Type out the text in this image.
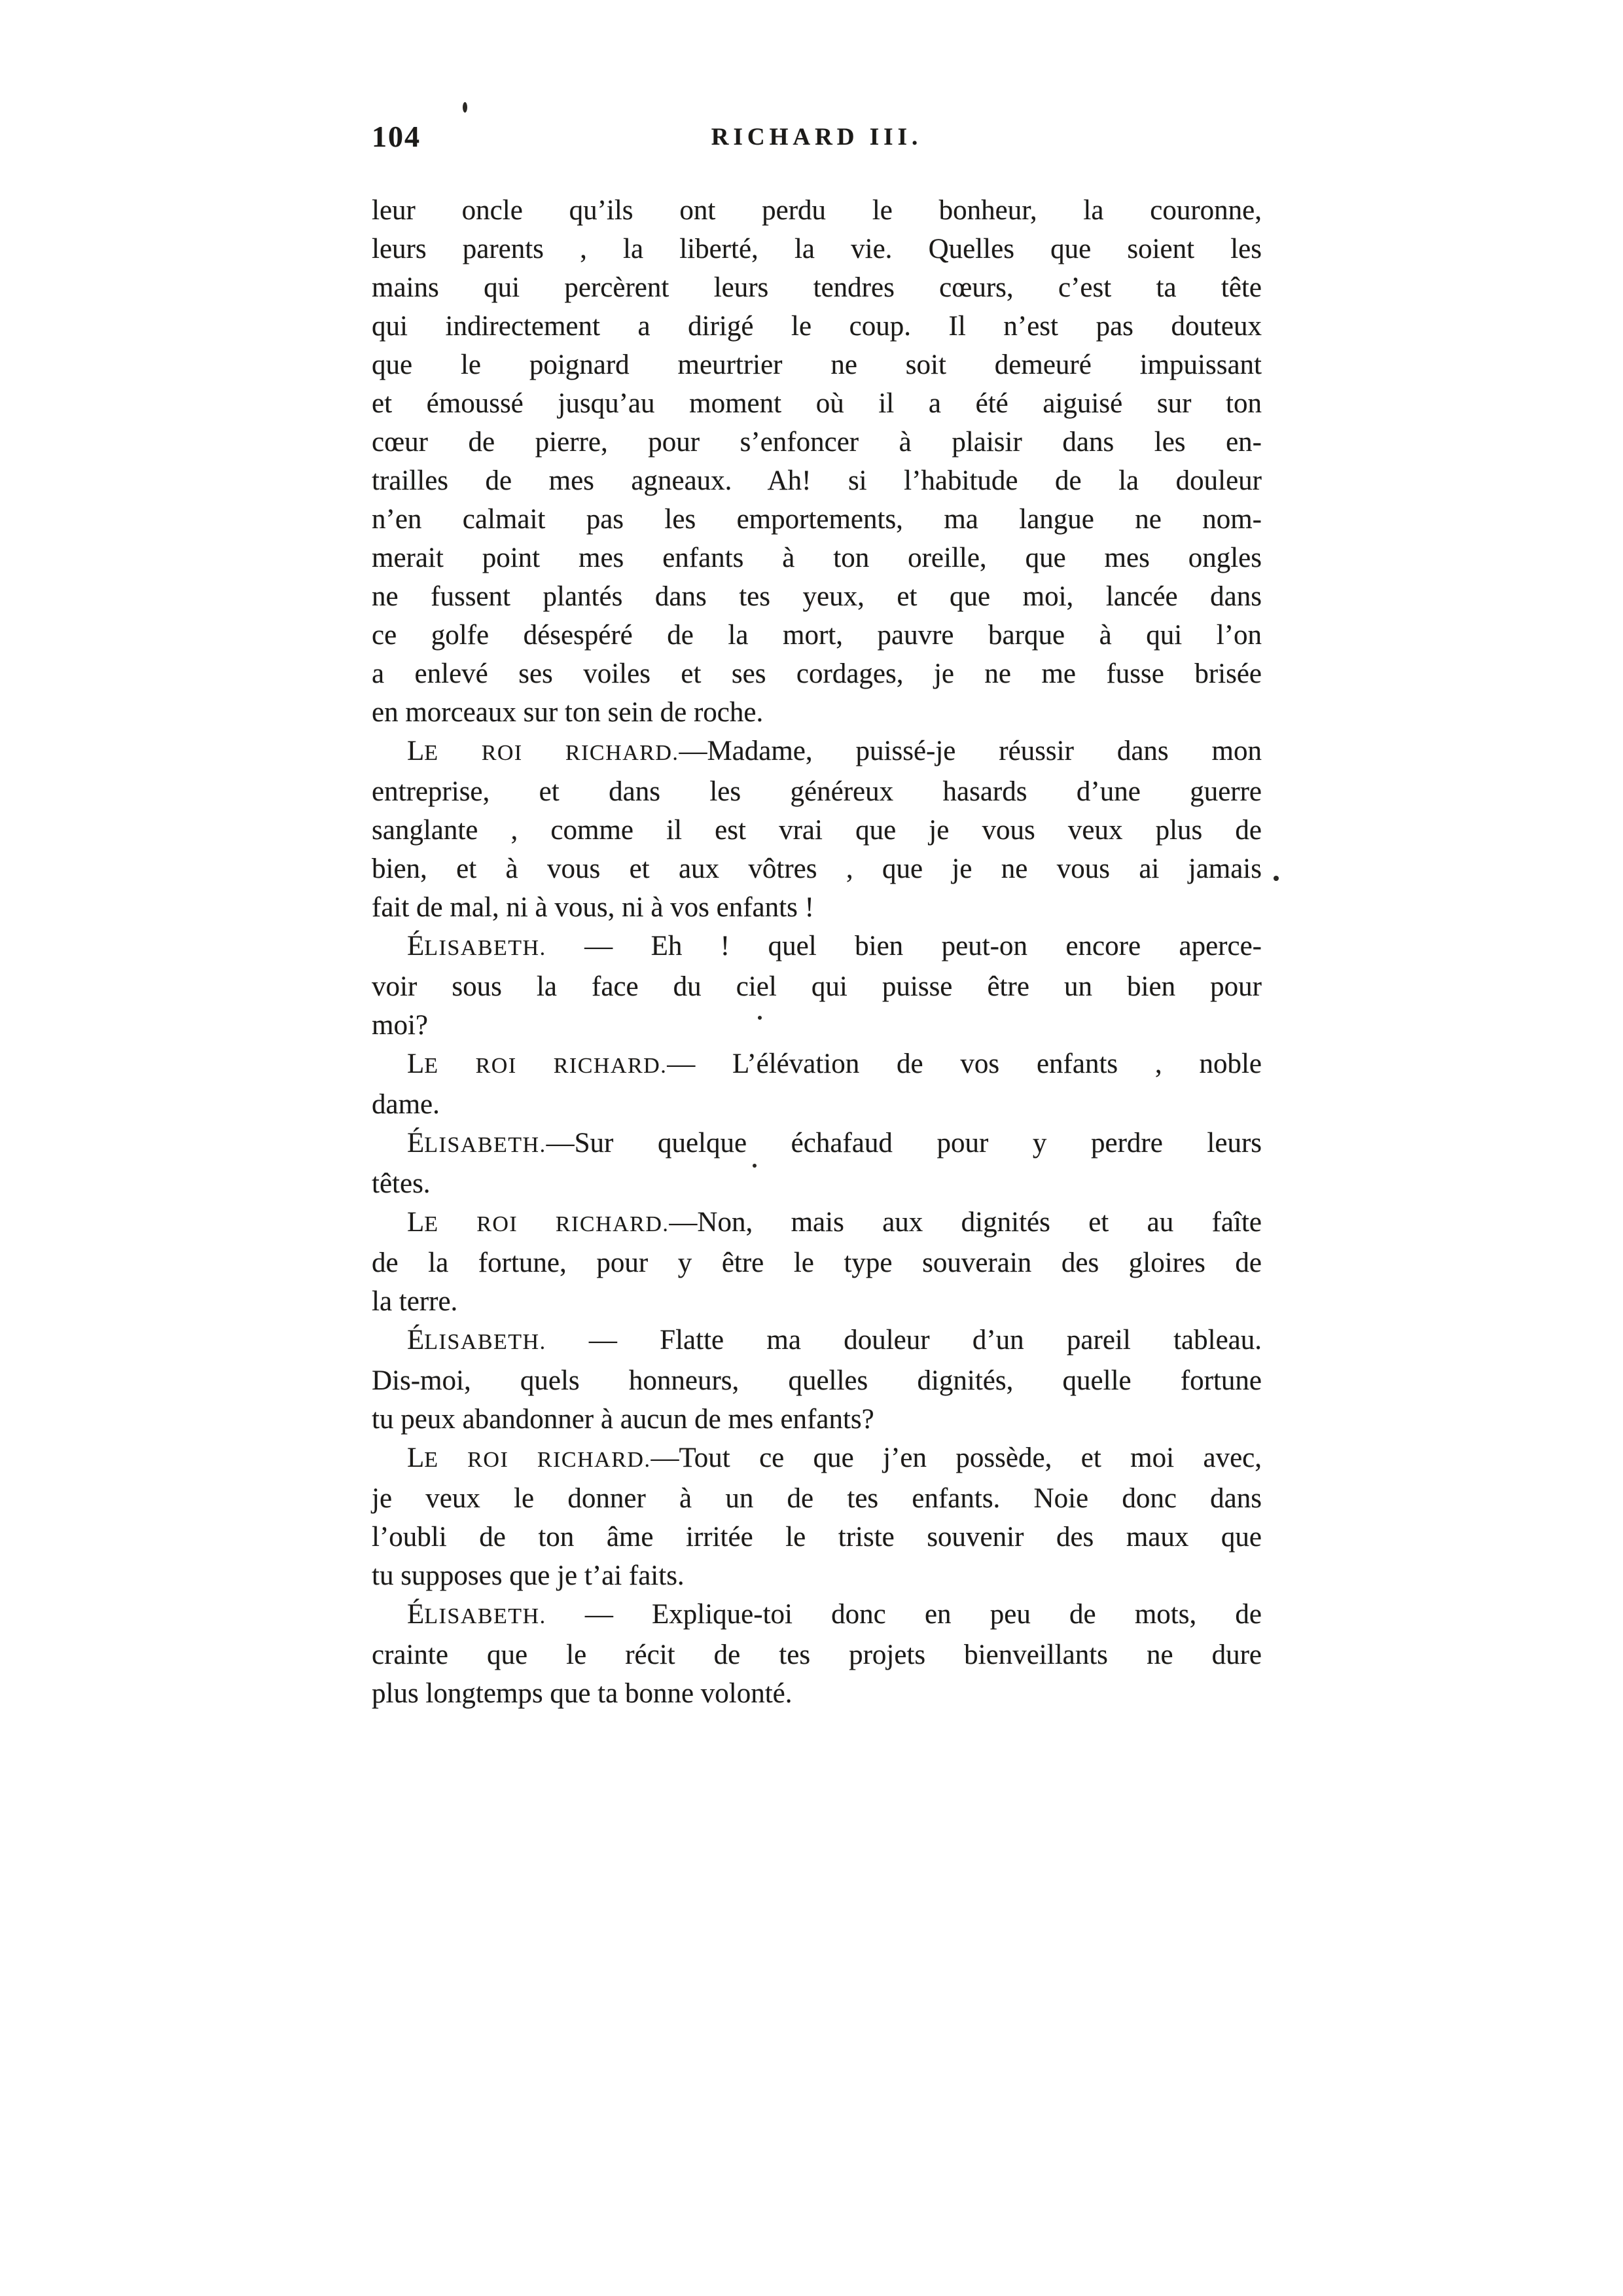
104	RICHARD III.
leur oncle qu’ils ont perdu le bonheur, la couronne,
leurs parents , la liberté, la vie. Quelles que soient les
mains qui percèrent leurs tendres cœurs, c’est ta tête
qui indirectement a dirigé le coup. Il n’est pas douteux
que le poignard meurtrier ne soit demeuré impuissant
et émoussé jusqu’au moment où il a été aiguisé sur ton
cœur de pierre, pour s’enfoncer à plaisir dans les en-
trailles de mes agneaux. Ah! si l’habitude de la douleur
n’en calmait pas les emportements, ma langue ne nom-
merait point mes enfants à ton oreille, que mes ongles
ne fussent plantés dans tes yeux, et que moi, lancée dans
ce golfe désespéré de la mort, pauvre barque à qui l’on
a enlevé ses voiles et ses cordages, je ne me fusse brisée
en morceaux sur ton sein de roche.
LE ROI RICHARD.—Madame, puissé-je réussir dans mon
entreprise, et dans les généreux hasards d’une guerre
sanglante , comme il est vrai que je vous veux plus de
bien, et à vous et aux vôtres , que je ne vous ai jamais
fait de mal, ni à vous, ni à vos enfants !
ÉLISABETH. — Eh ! quel bien peut-on encore aperce-
voir sous la face du ciel qui puisse être un bien pour
moi?
LE ROI RICHARD.— L’élévation de vos enfants , noble
dame.
ÉLISABETH.—Sur quelque échafaud pour y perdre leurs
têtes.
LE ROI RICHARD.—Non, mais aux dignités et au faîte
de la fortune, pour y être le type souverain des gloires de
la terre.
ÉLISABETH. — Flatte ma douleur d’un pareil tableau.
Dis-moi, quels honneurs, quelles dignités, quelle fortune
tu peux abandonner à aucun de mes enfants?
LE ROI RICHARD.—Tout ce que j’en possède, et moi avec,
je veux le donner à un de tes enfants. Noie donc dans
l’oubli de ton âme irritée le triste souvenir des maux que
tu supposes que je t’ai faits.
ÉLISABETH. — Explique-toi donc en peu de mots, de
crainte que le récit de tes projets bienveillants ne dure
plus longtemps que ta bonne volonté.
